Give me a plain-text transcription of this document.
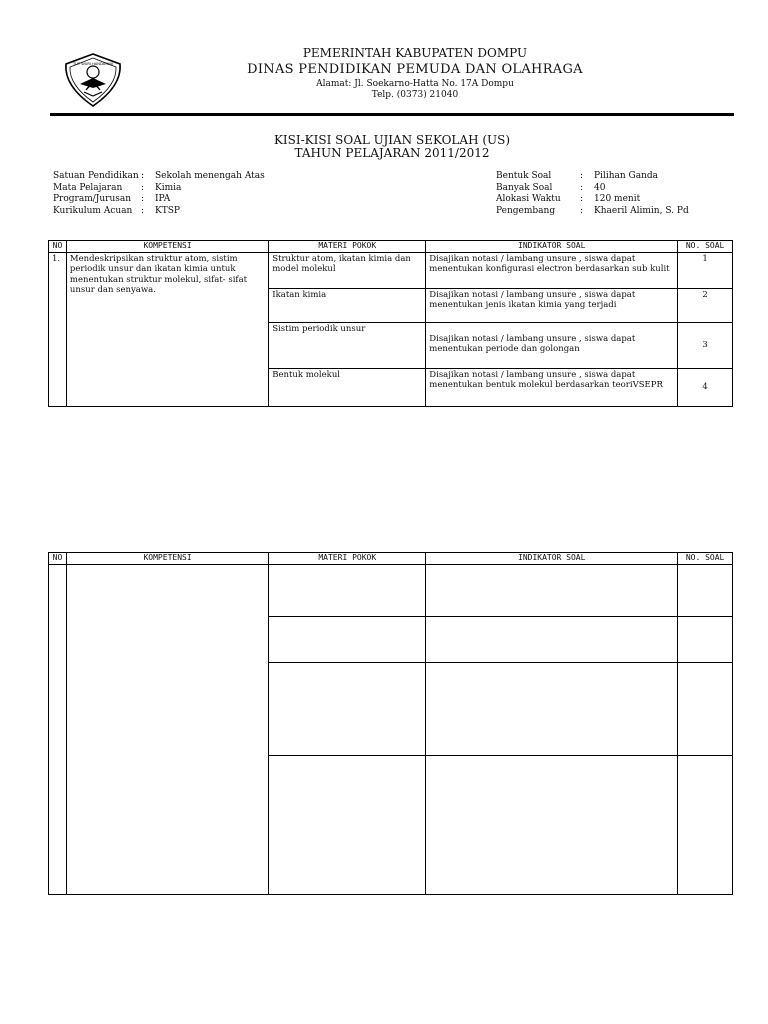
TUT WURI HANDAYANI
PEMERINTAH KABUPATEN DOMPU
DINAS PENDIDIKAN PEMUDA DAN OLAHRAGA
Alamat: Jl. Soekarno-Hatta No. 17A Dompu
Telp. (0373) 21040
KISI-KISI SOAL UJIAN SEKOLAH (US)
TAHUN PELAJARAN 2011/2012
Satuan Pendidikan :	Sekolah menengah Atas
Mata Pelajaran	:	Kimia
Program/Jurusan	:	IPA
Kurikulum Acuan :	KTSP
Bentuk Soal	:	Pilihan Ganda
Banyak Soal	:	40
Alokasi Waktu	:	120 menit
Pengembang	:	Khaeril Alimin, S. Pd
NO	KOMPETENSI	MATERI POKOK	INDIKATOR SOAL	NO. SOAL
1.	Mendeskripsikan struktur atom, sistim periodik unsur dan ikatan kimia untuk menentukan struktur molekul, sifat- sifat unsur dan senyawa.	Struktur atom, ikatan kimia dan model molekul	Disajikan notasi / lambang unsure , siswa dapat menentukan konfigurasi electron berdasarkan sub kulit	1
		Ikatan kimia	Disajikan notasi / lambang unsure , siswa dapat menentukan jenis ikatan kimia yang terjadi	2
		Sistim periodik unsur	Disajikan notasi / lambang unsure , siswa dapat menentukan periode dan golongan	3
		Bentuk molekul	Disajikan notasi / lambang unsure , siswa dapat menentukan bentuk molekul berdasarkan teoriVSEPR	4
NO	KOMPETENSI	MATERI POKOK	INDIKATOR SOAL	NO. SOAL
